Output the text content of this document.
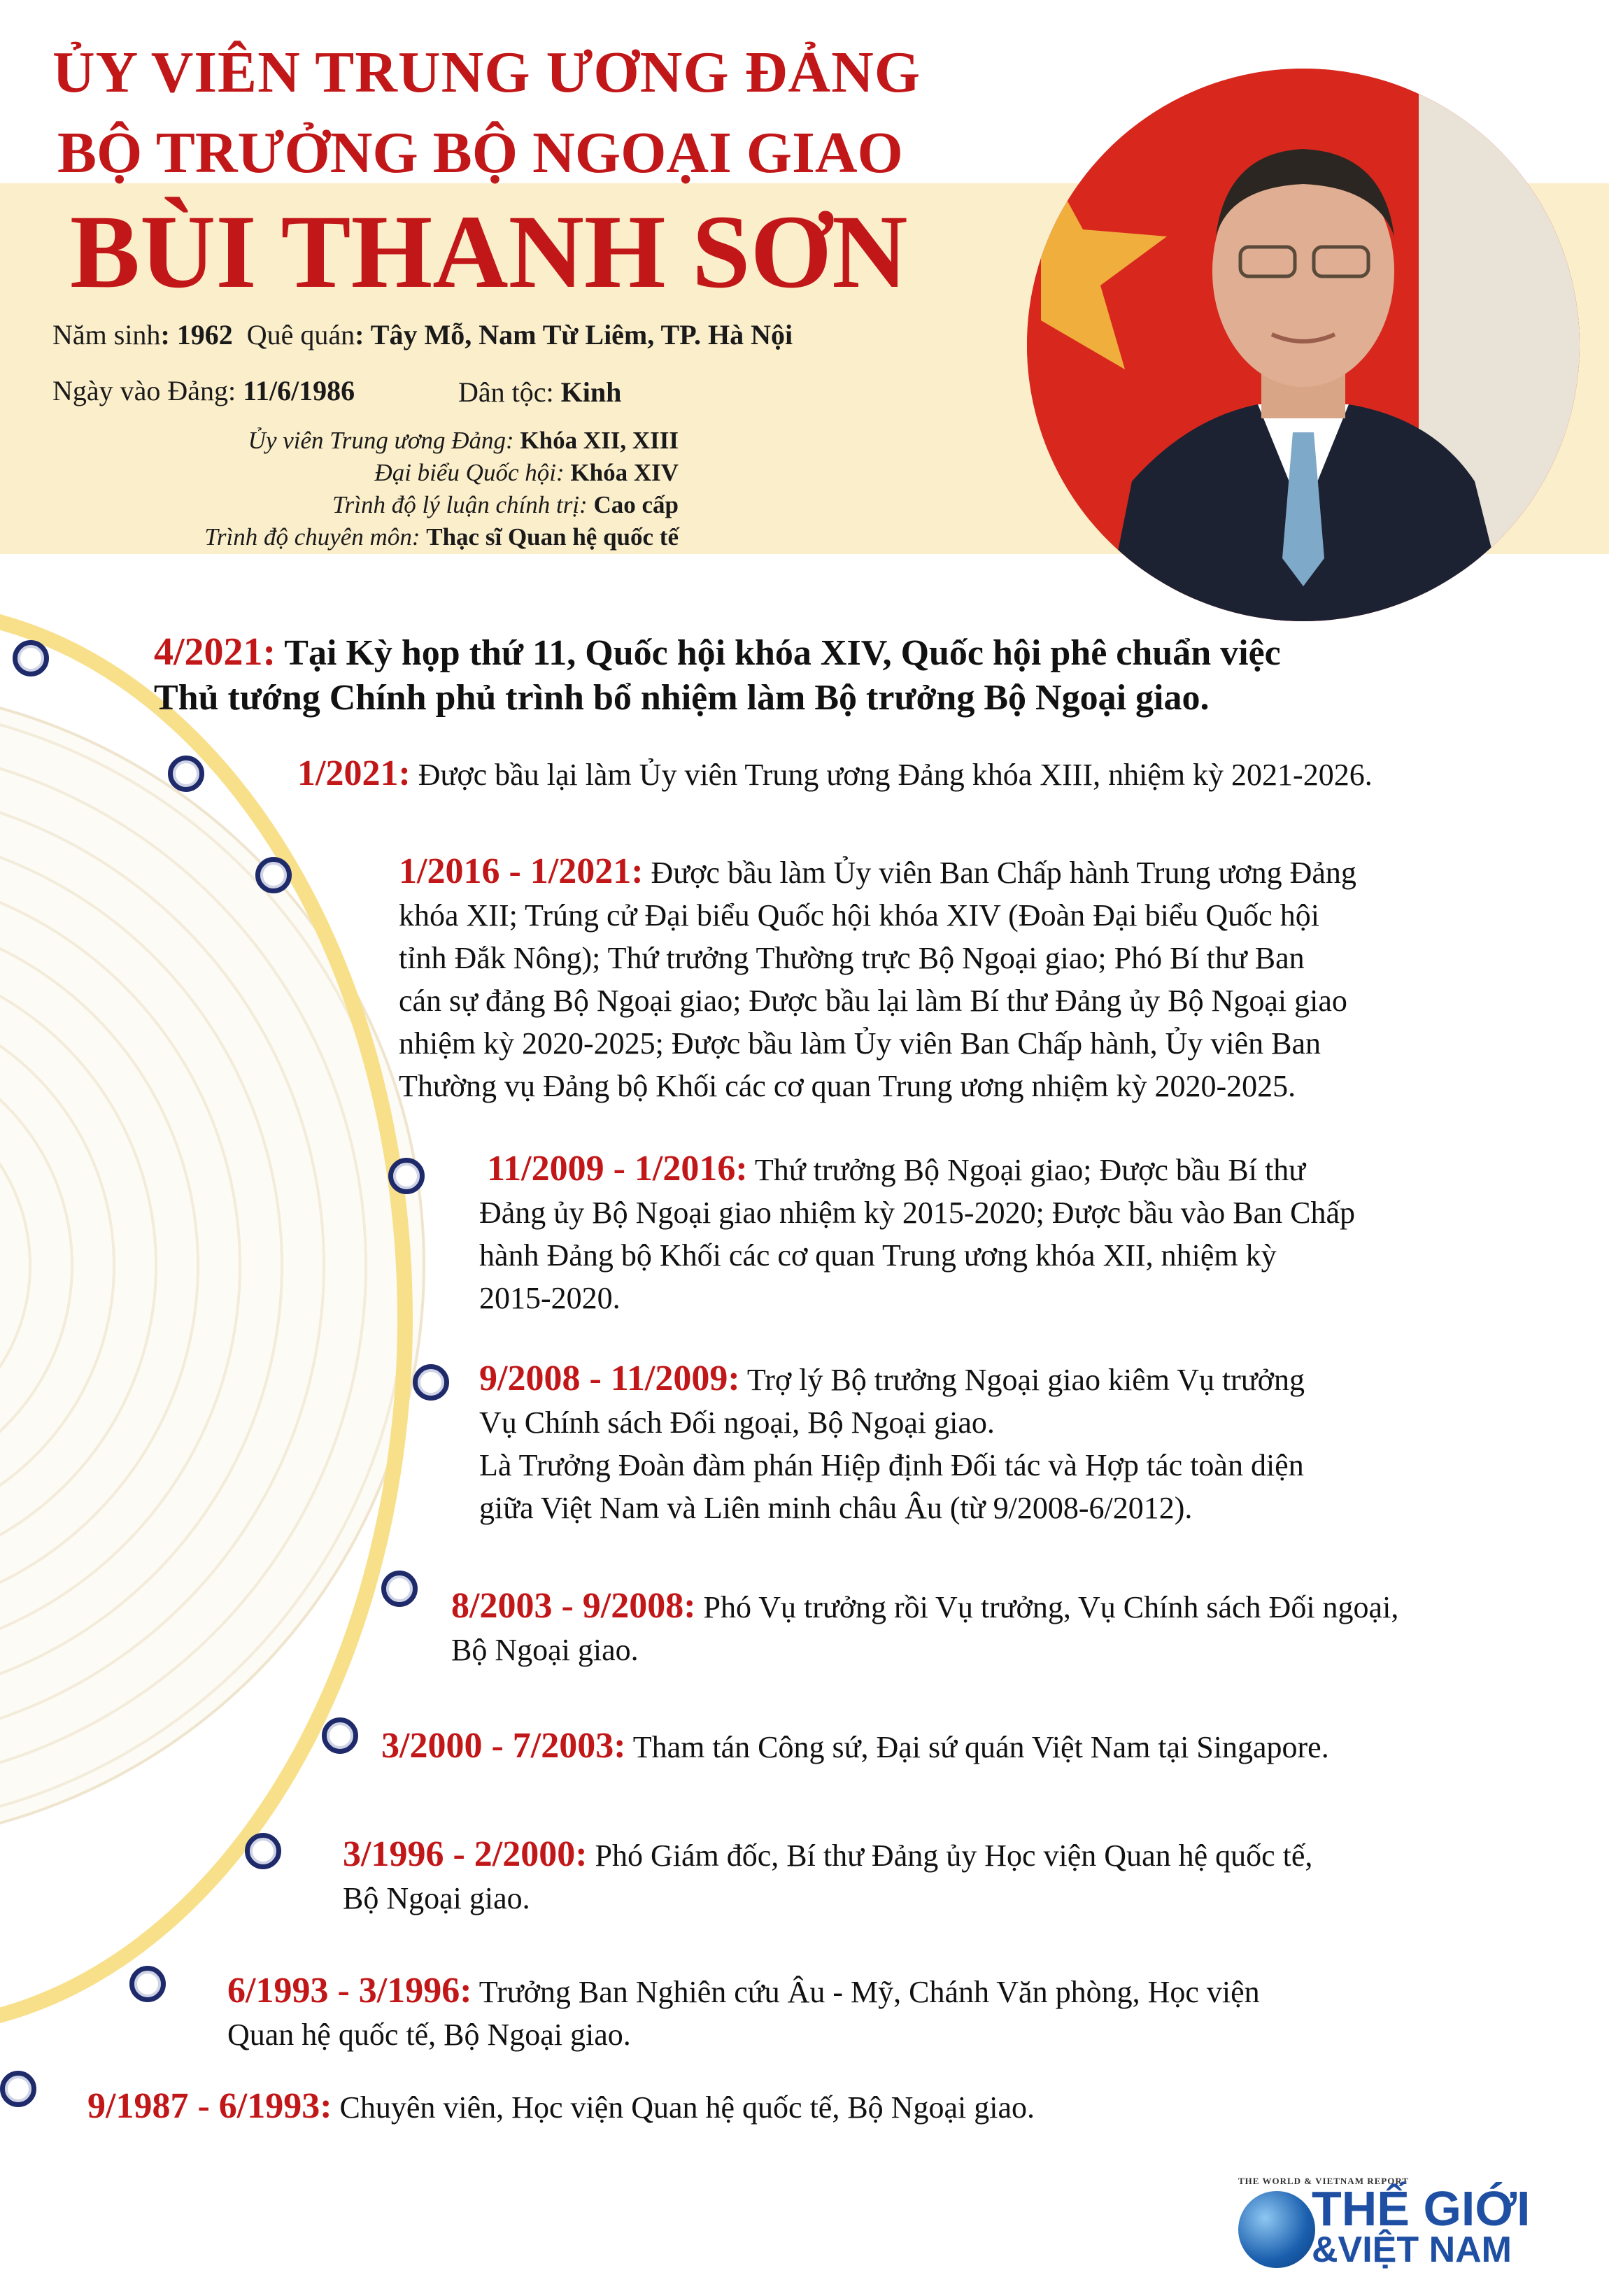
ỦY VIÊN TRUNG ƯƠNG ĐẢNG
BỘ TRƯỞNG BỘ NGOẠI GIAO
BÙI THANH SƠN
Năm sinh: 1962 Quê quán: Tây Mỗ, Nam Từ Liêm, TP. Hà Nội
Ngày vào Đảng: 11/6/1986	Dân tộc: Kinh
Ủy viên Trung ương Đảng: Khóa XII, XIII
Đại biểu Quốc hội: Khóa XIV
Trình độ lý luận chính trị: Cao cấp
Trình độ chuyên môn: Thạc sĩ Quan hệ quốc tế
4/2021: Tại Kỳ họp thứ 11, Quốc hội khóa XIV, Quốc hội phê chuẩn việc
Thủ tướng Chính phủ trình bổ nhiệm làm Bộ trưởng Bộ Ngoại giao.
1/2021: Được bầu lại làm Ủy viên Trung ương Đảng khóa XIII, nhiệm kỳ 2021-2026.
1/2016 - 1/2021: Được bầu làm Ủy viên Ban Chấp hành Trung ương Đảng
khóa XII; Trúng cử Đại biểu Quốc hội khóa XIV (Đoàn Đại biểu Quốc hội
tỉnh Đắk Nông); Thứ trưởng Thường trực Bộ Ngoại giao; Phó Bí thư Ban
cán sự đảng Bộ Ngoại giao; Được bầu lại làm Bí thư Đảng ủy Bộ Ngoại giao
nhiệm kỳ 2020-2025; Được bầu làm Ủy viên Ban Chấp hành, Ủy viên Ban
Thường vụ Đảng bộ Khối các cơ quan Trung ương nhiệm kỳ 2020-2025.
11/2009 - 1/2016: Thứ trưởng Bộ Ngoại giao; Được bầu Bí thư
Đảng ủy Bộ Ngoại giao nhiệm kỳ 2015-2020; Được bầu vào Ban Chấp
hành Đảng bộ Khối các cơ quan Trung ương khóa XII, nhiệm kỳ
2015-2020.
9/2008 - 11/2009: Trợ lý Bộ trưởng Ngoại giao kiêm Vụ trưởng
Vụ Chính sách Đối ngoại, Bộ Ngoại giao.
Là Trưởng Đoàn đàm phán Hiệp định Đối tác và Hợp tác toàn diện
giữa Việt Nam và Liên minh châu Âu (từ 9/2008-6/2012).
8/2003 - 9/2008: Phó Vụ trưởng rồi Vụ trưởng, Vụ Chính sách Đối ngoại,
Bộ Ngoại giao.
3/2000 - 7/2003: Tham tán Công sứ, Đại sứ quán Việt Nam tại Singapore.
3/1996 - 2/2000: Phó Giám đốc, Bí thư Đảng ủy Học viện Quan hệ quốc tế,
Bộ Ngoại giao.
6/1993 - 3/1996: Trưởng Ban Nghiên cứu Âu - Mỹ, Chánh Văn phòng, Học viện
Quan hệ quốc tế, Bộ Ngoại giao.
9/1987 - 6/1993: Chuyên viên, Học viện Quan hệ quốc tế, Bộ Ngoại giao.
THE WORLD & VIETNAM REPORT
THẾ GIỚI
&VIỆT NAM
